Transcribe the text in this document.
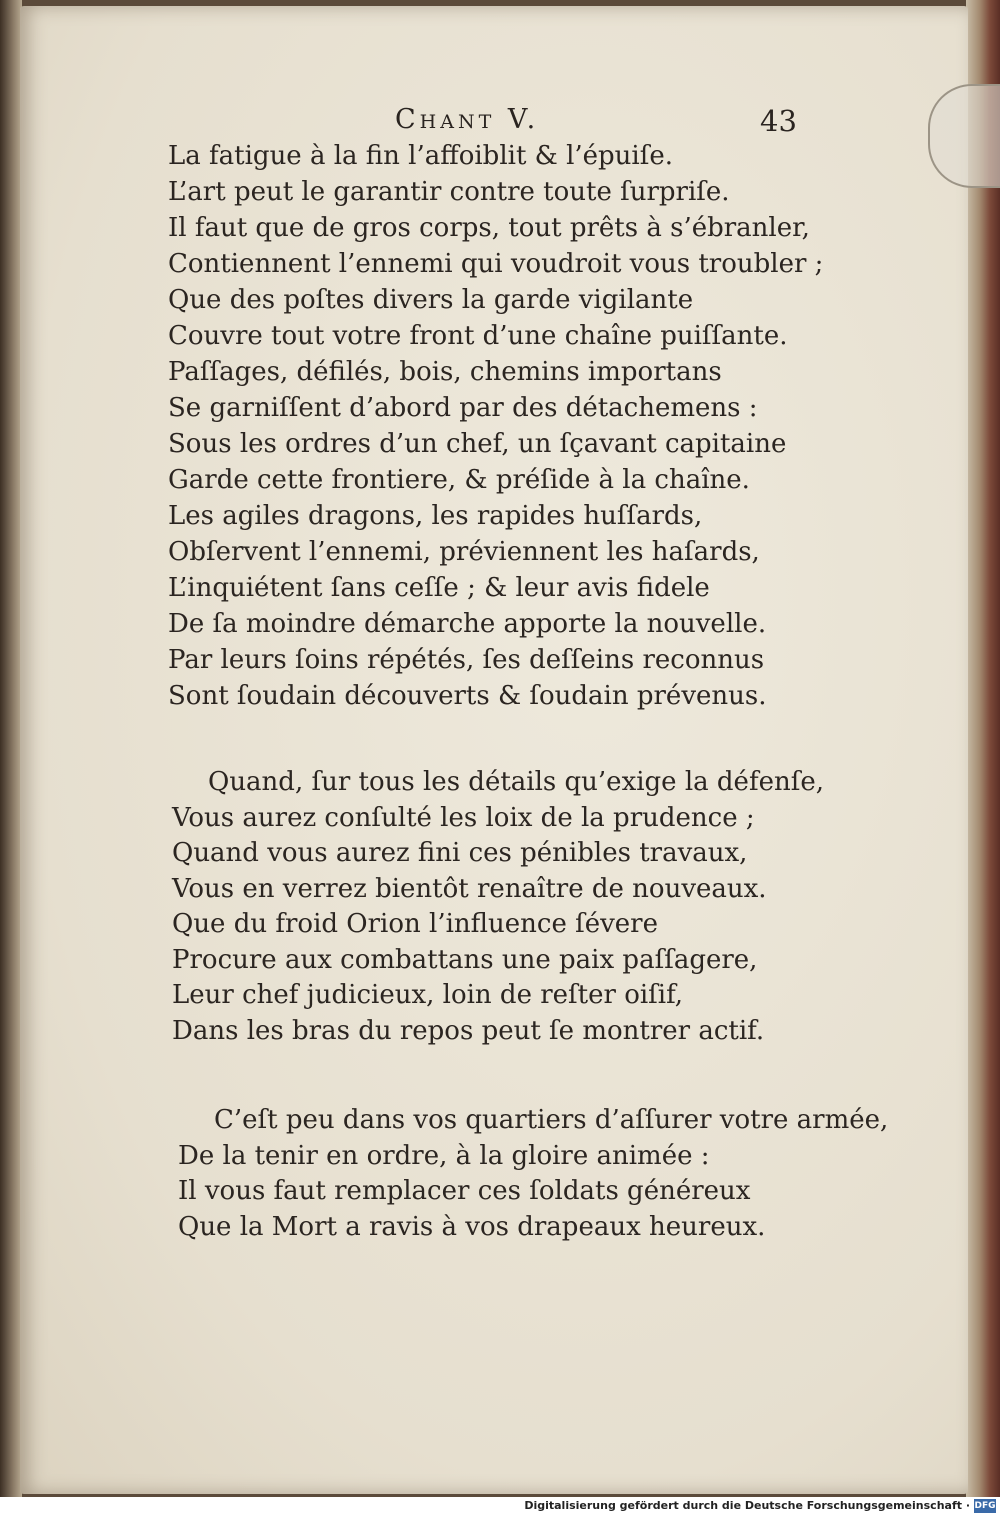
Chant V.	43
La fatigue à la fin l’affoiblit & l’épuiſe.
L’art peut le garantir contre toute ſurpriſe.
Il faut que de gros corps, tout prêts à s’ébranler,
Contiennent l’ennemi qui voudroit vous troubler ;
Que des poſtes divers la garde vigilante
Couvre tout votre front d’une chaîne puiſſante.
Paſſages, défilés, bois, chemins importans
Se garniſſent d’abord par des détachemens :
Sous les ordres d’un chef, un ſçavant capitaine
Garde cette frontiere, & préſide à la chaîne.
Les agiles dragons, les rapides huſſards,
Obſervent l’ennemi, préviennent les haſards,
L’inquiétent ſans ceſſe ; & leur avis fidele
De ſa moindre démarche apporte la nouvelle.
Par leurs ſoins répétés, ſes deſſeins reconnus
Sont ſoudain découverts & ſoudain prévenus.
Quand, ſur tous les détails qu’exige la défenſe,
Vous aurez conſulté les loix de la prudence ;
Quand vous aurez fini ces pénibles travaux,
Vous en verrez bientôt renaître de nouveaux.
Que du froid Orion l’influence ſévere
Procure aux combattans une paix paſſagere,
Leur chef judicieux, loin de reſter oiſif,
Dans les bras du repos peut ſe montrer actif.
C’eſt peu dans vos quartiers d’aſſurer votre armée,
De la tenir en ordre, à la gloire animée :
Il vous faut remplacer ces ſoldats généreux
Que la Mort a ravis à vos drapeaux heureux.
Digitalisierung gefördert durch die Deutsche Forschungsgemeinschaft · DFG
